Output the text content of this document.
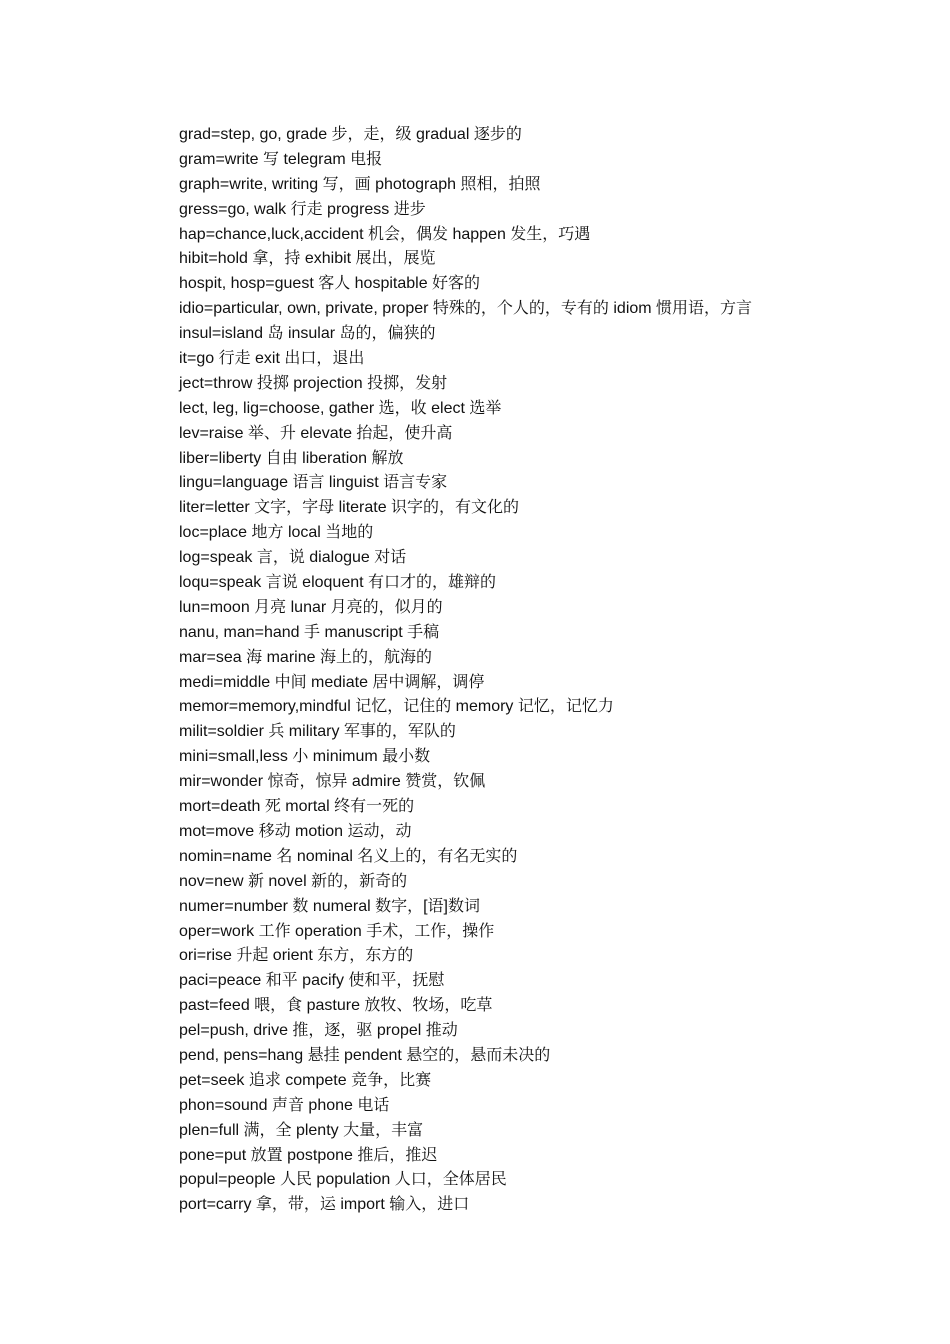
grad=step, go, grade 步，走，级 gradual 逐步的
gram=write 写 telegram 电报
graph=write, writing 写，画 photograph 照相，拍照
gress=go, walk 行走 progress 进步
hap=chance,luck,accident 机会，偶发 happen 发生，巧遇
hibit=hold 拿，持 exhibit 展出，展览
hospit, hosp=guest 客人 hospitable 好客的
idio=particular, own, private, proper 特殊的，个人的，专有的 idiom 惯用语，方言
insul=island 岛 insular 岛的，偏狭的
it=go 行走 exit 出口，退出
ject=throw 投掷 projection 投掷，发射
lect, leg, lig=choose, gather 选，收 elect 选举
lev=raise 举、升 elevate 抬起，使升高
liber=liberty 自由 liberation 解放
lingu=language 语言 linguist 语言专家
liter=letter 文字，字母 literate 识字的，有文化的
loc=place 地方 local 当地的
log=speak 言，说 dialogue 对话
loqu=speak 言说 eloquent 有口才的，雄辩的
lun=moon 月亮 lunar 月亮的，似月的
nanu, man=hand 手 manuscript 手稿
mar=sea 海 marine 海上的，航海的
medi=middle 中间 mediate 居中调解，调停
memor=memory,mindful 记忆，记住的 memory 记忆，记忆力
milit=soldier 兵 military 军事的，军队的
mini=small,less 小 minimum 最小数
mir=wonder 惊奇，惊异 admire 赞赏，钦佩
mort=death 死 mortal 终有一死的
mot=move 移动 motion 运动，动
nomin=name 名 nominal 名义上的，有名无实的
nov=new 新 novel 新的，新奇的
numer=number 数 numeral 数字，[语]数词
oper=work 工作 operation 手术，工作，操作
ori=rise 升起 orient 东方，东方的
paci=peace 和平 pacify 使和平，抚慰
past=feed 喂，食 pasture 放牧、牧场，吃草
pel=push, drive 推，逐，驱 propel 推动
pend, pens=hang 悬挂 pendent 悬空的，悬而未决的
pet=seek 追求 compete 竞争，比赛
phon=sound 声音 phone 电话
plen=full 满，全 plenty 大量，丰富
pone=put 放置 postpone 推后，推迟
popul=people 人民 population 人口，全体居民
port=carry 拿，带，运 import 输入，进口
